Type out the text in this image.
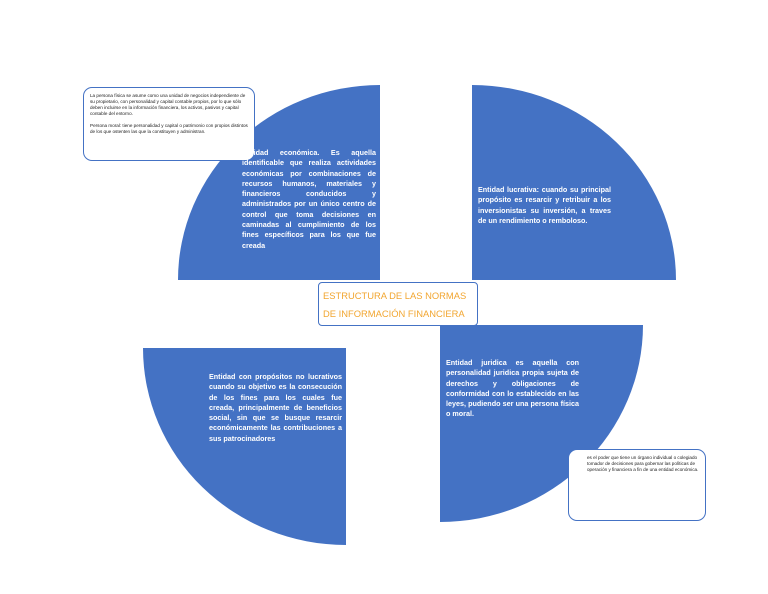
La persona física se asume como una unidad de negocios independiente de su propietario, con personalidad y capital contable propios, por lo que sólo deben incluirse en la información financiera, los activos, pasivos y capital contable del entorno.

Persona moral: tiene personalidad y capital o patrimonio con propios distintos de los que ostenten las que la constituyen y administran.

es el poder que tiene un órgano individual o colegiado tomador de decisiones para gobernar las políticas de operación y financiera a fin de una entidad económica.

Entidad económica. Es aquella identificable que realiza actividades económicas por combinaciones de recursos humanos, materiales y financieros conducidos y administrados por un único centro de control que toma decisiones en caminadas al cumplimiento de los fines específicos para los que fue creada
Entidad lucrativa: cuando su principal propósito es resarcir y retribuir a los inversionistas su inversión, a traves de un rendimiento o remboloso.
Entidad con propósitos no lucrativos cuando su objetivo es la consecución de los fines para los cuales fue creada, principalmente de beneficios social, sin que se busque resarcir económicamente las contribuciones a sus patrocinadores
Entidad juridica es aquella con personalidad juridica propia sujeta de derechos y obligaciones de conformidad con lo establecido en las leyes, pudiendo ser una persona física o moral.
ESTRUCTURA DE LAS NORMAS DE INFORMACIÓN FINANCIERA
